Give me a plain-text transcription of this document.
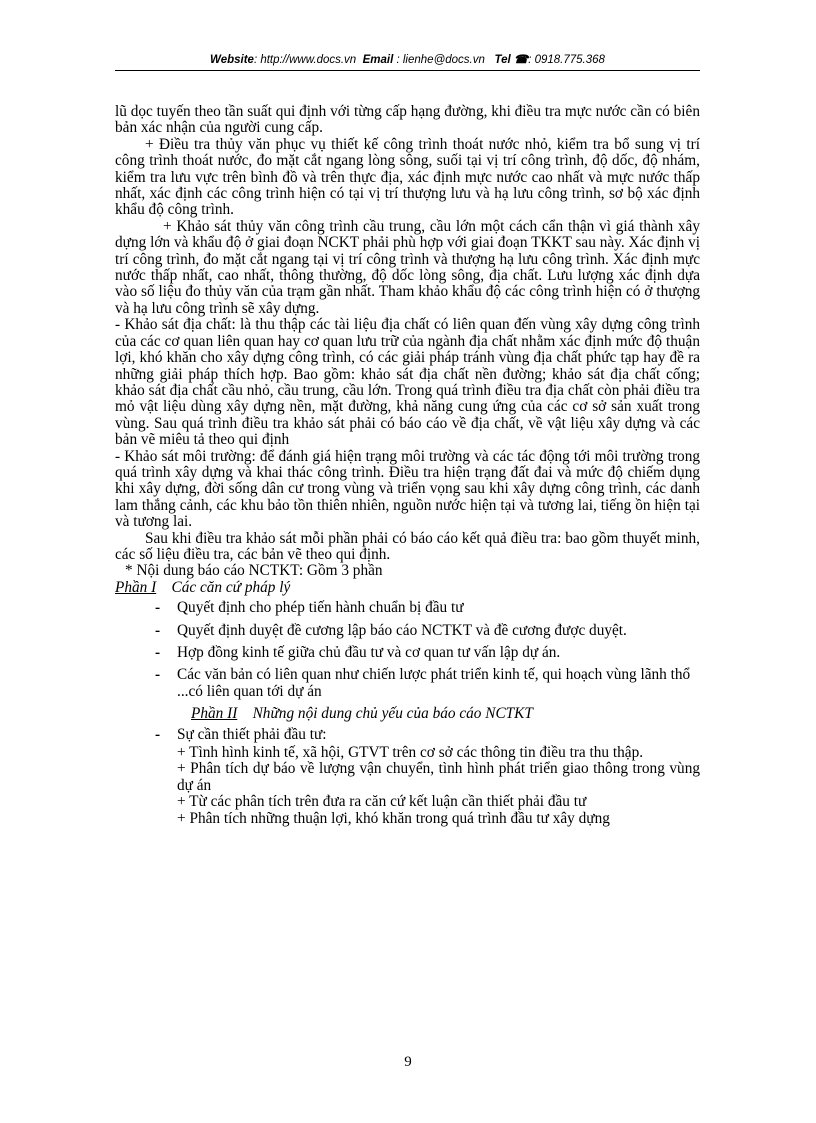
Website: http://www.docs.vn Email : lienhe@docs.vn Tel ☎: 0918.775.368

lũ dọc tuyến theo tần suất qui định với từng cấp hạng đường, khi điều tra mực nước cần có biên bản xác nhận của người cung cấp.

+ Điều tra thủy văn phục vụ thiết kế công trình thoát nước nhỏ, kiểm tra bổ sung vị trí công trình thoát nước, đo mặt cắt ngang lòng sông, suối tại vị trí công trình, độ dốc, độ nhám, kiểm tra lưu vực trên bình đồ và trên thực địa, xác định mực nước cao nhất và mực nước thấp nhất, xác định các công trình hiện có tại vị trí thượng lưu và hạ lưu công trình, sơ bộ xác định khẩu độ công trình.

+ Khảo sát thủy văn công trình cầu trung, cầu lớn một cách cẩn thận vì giá thành xây dựng lớn và khẩu độ ở giai đoạn NCKT phải phù hợp với giai đoạn TKKT sau này. Xác định vị trí công trình, đo mặt cắt ngang tại vị trí công trình và thượng hạ lưu công trình. Xác định mực nước thấp nhất, cao nhất, thông thường, độ dốc lòng sông, địa chất. Lưu lượng xác định dựa vào số liệu đo thủy văn của trạm gần nhất. Tham khảo khẩu độ các công trình hiện có ở thượng và hạ lưu công trình sẽ xây dựng.

- Khảo sát địa chất: là thu thập các tài liệu địa chất có liên quan đến vùng xây dựng công trình của các cơ quan liên quan hay cơ quan lưu trữ của ngành địa chất nhằm xác định mức độ thuận lợi, khó khăn cho xây dựng công trình, có các giải pháp tránh vùng địa chất phức tạp hay đề ra những giải pháp thích hợp. Bao gồm: khảo sát địa chất nền đường; khảo sát địa chất cống; khảo sát địa chất cầu nhỏ, cầu trung, cầu lớn. Trong quá trình điều tra địa chất còn phải điều tra mỏ vật liệu dùng xây dựng nền, mặt đường, khả năng cung ứng của các cơ sở sản xuất trong vùng. Sau quá trình điều tra khảo sát phải có báo cáo về địa chất, về vật liệu xây dựng và các bản vẽ miêu tả theo qui định

- Khảo sát môi trường: để đánh giá hiện trạng môi trường và các tác động tới môi trường trong quá trình xây dựng và khai thác công trình. Điều tra hiện trạng đất đai và mức độ chiếm dụng khi xây dựng, đời sống dân cư trong vùng và triển vọng sau khi xây dựng công trình, các danh lam thắng cảnh, các khu bảo tồn thiên nhiên, nguồn nước hiện tại và tương lai, tiếng ồn hiện tại và tương lai.

Sau khi điều tra khảo sát mỗi phần phải có báo cáo kết quả điều tra: bao gồm thuyết minh, các số liệu điều tra, các bản vẽ theo qui định.

* Nội dung báo cáo NCTKT: Gồm 3 phần

Phần I Các căn cứ pháp lý

- Quyết định cho phép tiến hành chuẩn bị đầu tư
- Quyết định duyệt đề cương lập báo cáo NCTKT và đề cương được duyệt.
- Hợp đồng kinh tế giữa chủ đầu tư và cơ quan tư vấn lập dự án.
- Các văn bản có liên quan như chiến lược phát triển kinh tế, qui hoạch vùng lãnh thổ ...có liên quan tới dự án

Phần II Những nội dung chủ yếu của báo cáo NCTKT

- Sự cần thiết phải đầu tư:

+ Tình hình kinh tế, xã hội, GTVT trên cơ sở các thông tin điều tra thu thập.

+ Phân tích dự báo về lượng vận chuyển, tình hình phát triển giao thông trong vùng dự án

+ Từ các phân tích trên đưa ra căn cứ kết luận cần thiết phải đầu tư

+ Phân tích những thuận lợi, khó khăn trong quá trình đầu tư xây dựng

9
